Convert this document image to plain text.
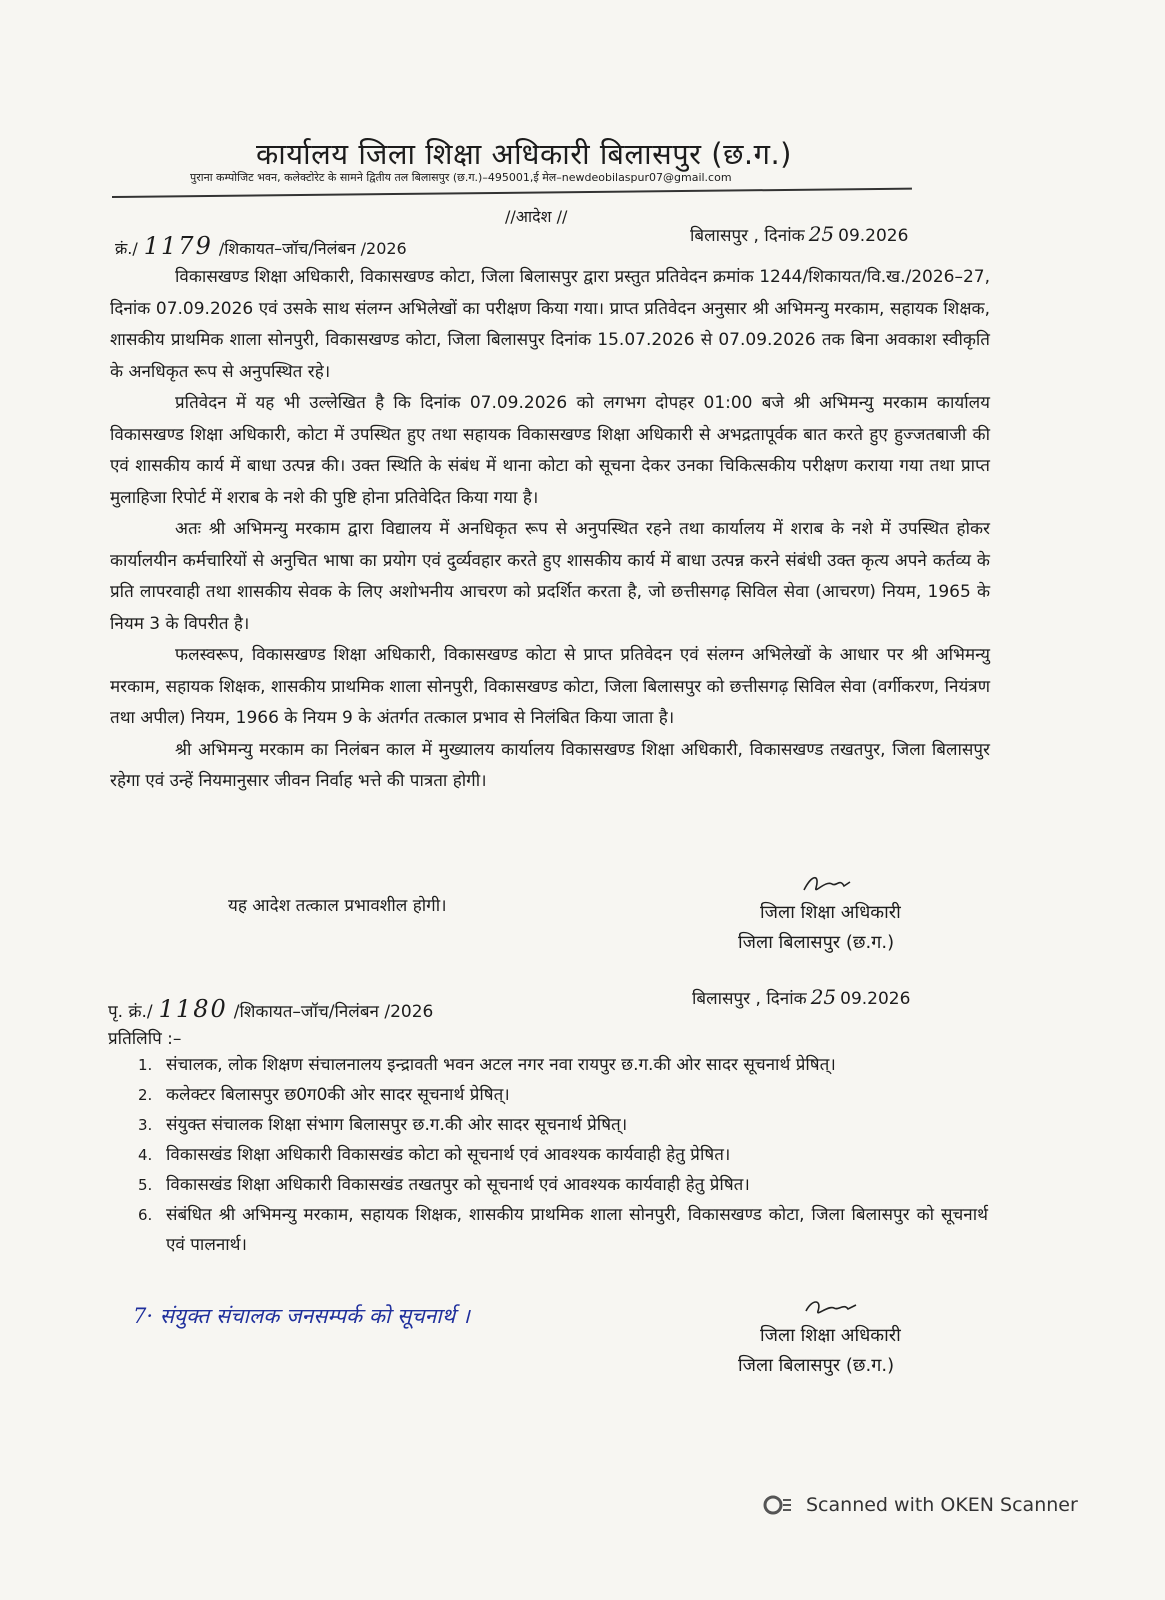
कार्यालय जिला शिक्षा अधिकारी बिलासपुर (छ.ग.)
पुराना कम्पोजिट भवन, कलेक्टोरेट के सामने द्वितीय तल बिलासपुर (छ.ग.)–495001,ई मेल–newdeobilaspur07@gmail.com
//आदेश //
क्रं./ 1179 /शिकायत–जॉच/निलंबन /2026
बिलासपुर , दिनांक 25 09.2026

विकासखण्ड शिक्षा अधिकारी, विकासखण्ड कोटा, जिला बिलासपुर द्वारा प्रस्तुत प्रतिवेदन क्रमांक 1244/शिकायत/वि.ख./2026–27, दिनांक 07.09.2026 एवं उसके साथ संलग्न अभिलेखों का परीक्षण किया गया। प्राप्त प्रतिवेदन अनुसार श्री अभिमन्यु मरकाम, सहायक शिक्षक, शासकीय प्राथमिक शाला सोनपुरी, विकासखण्ड कोटा, जिला बिलासपुर दिनांक 15.07.2026 से 07.09.2026 तक बिना अवकाश स्वीकृति के अनधिकृत रूप से अनुपस्थित रहे।

प्रतिवेदन में यह भी उल्लेखित है कि दिनांक 07.09.2026 को लगभग दोपहर 01:00 बजे श्री अभिमन्यु मरकाम कार्यालय विकासखण्ड शिक्षा अधिकारी, कोटा में उपस्थित हुए तथा सहायक विकासखण्ड शिक्षा अधिकारी से अभद्रतापूर्वक बात करते हुए हुज्जतबाजी की एवं शासकीय कार्य में बाधा उत्पन्न की। उक्त स्थिति के संबंध में थाना कोटा को सूचना देकर उनका चिकित्सकीय परीक्षण कराया गया तथा प्राप्त मुलाहिजा रिपोर्ट में शराब के नशे की पुष्टि होना प्रतिवेदित किया गया है।

अतः श्री अभिमन्यु मरकाम द्वारा विद्यालय में अनधिकृत रूप से अनुपस्थित रहने तथा कार्यालय में शराब के नशे में उपस्थित होकर कार्यालयीन कर्मचारियों से अनुचित भाषा का प्रयोग एवं दुर्व्यवहार करते हुए शासकीय कार्य में बाधा उत्पन्न करने संबंधी उक्त कृत्य अपने कर्तव्य के प्रति लापरवाही तथा शासकीय सेवक के लिए अशोभनीय आचरण को प्रदर्शित करता है, जो छत्तीसगढ़ सिविल सेवा (आचरण) नियम, 1965 के नियम 3 के विपरीत है।

फलस्वरूप, विकासखण्ड शिक्षा अधिकारी, विकासखण्ड कोटा से प्राप्त प्रतिवेदन एवं संलग्न अभिलेखों के आधार पर श्री अभिमन्यु मरकाम, सहायक शिक्षक, शासकीय प्राथमिक शाला सोनपुरी, विकासखण्ड कोटा, जिला बिलासपुर को छत्तीसगढ़ सिविल सेवा (वर्गीकरण, नियंत्रण तथा अपील) नियम, 1966 के नियम 9 के अंतर्गत तत्काल प्रभाव से निलंबित किया जाता है।

श्री अभिमन्यु मरकाम का निलंबन काल में मुख्यालय कार्यालय विकासखण्ड शिक्षा अधिकारी, विकासखण्ड तखतपुर, जिला बिलासपुर रहेगा एवं उन्हें नियमानुसार जीवन निर्वाह भत्ते की पात्रता होगी।

यह आदेश तत्काल प्रभावशील होगी।	जिला शिक्षा अधिकारी
जिला बिलासपुर (छ.ग.)
पृ. क्रं./ 1180 /शिकायत–जॉच/निलंबन /2026
बिलासपुर , दिनांक 25 09.2026
प्रतिलिपि :–
1. संचालक, लोक शिक्षण संचालनालय इन्द्रावती भवन अटल नगर नवा रायपुर छ.ग.की ओर सादर सूचनार्थ प्रेषित्।
2. कलेक्टर बिलासपुर छ0ग0की ओर सादर सूचनार्थ प्रेषित्।
3. संयुक्त संचालक शिक्षा संभाग बिलासपुर छ.ग.की ओर सादर सूचनार्थ प्रेषित्।
4. विकासखंड शिक्षा अधिकारी विकासखंड कोटा को सूचनार्थ एवं आवश्यक कार्यवाही हेतु प्रेषित।
5. विकासखंड शिक्षा अधिकारी विकासखंड तखतपुर को सूचनार्थ एवं आवश्यक कार्यवाही हेतु प्रेषित।
6. संबंधित श्री अभिमन्यु मरकाम, सहायक शिक्षक, शासकीय प्राथमिक शाला सोनपुरी, विकासखण्ड कोटा, जिला बिलासपुर को सूचनार्थ एवं पालनार्थ।
7· संयुक्त संचालक जनसम्पर्क को सूचनार्थ ।
जिला शिक्षा अधिकारी
जिला बिलासपुर (छ.ग.)
Scanned with OKEN Scanner
